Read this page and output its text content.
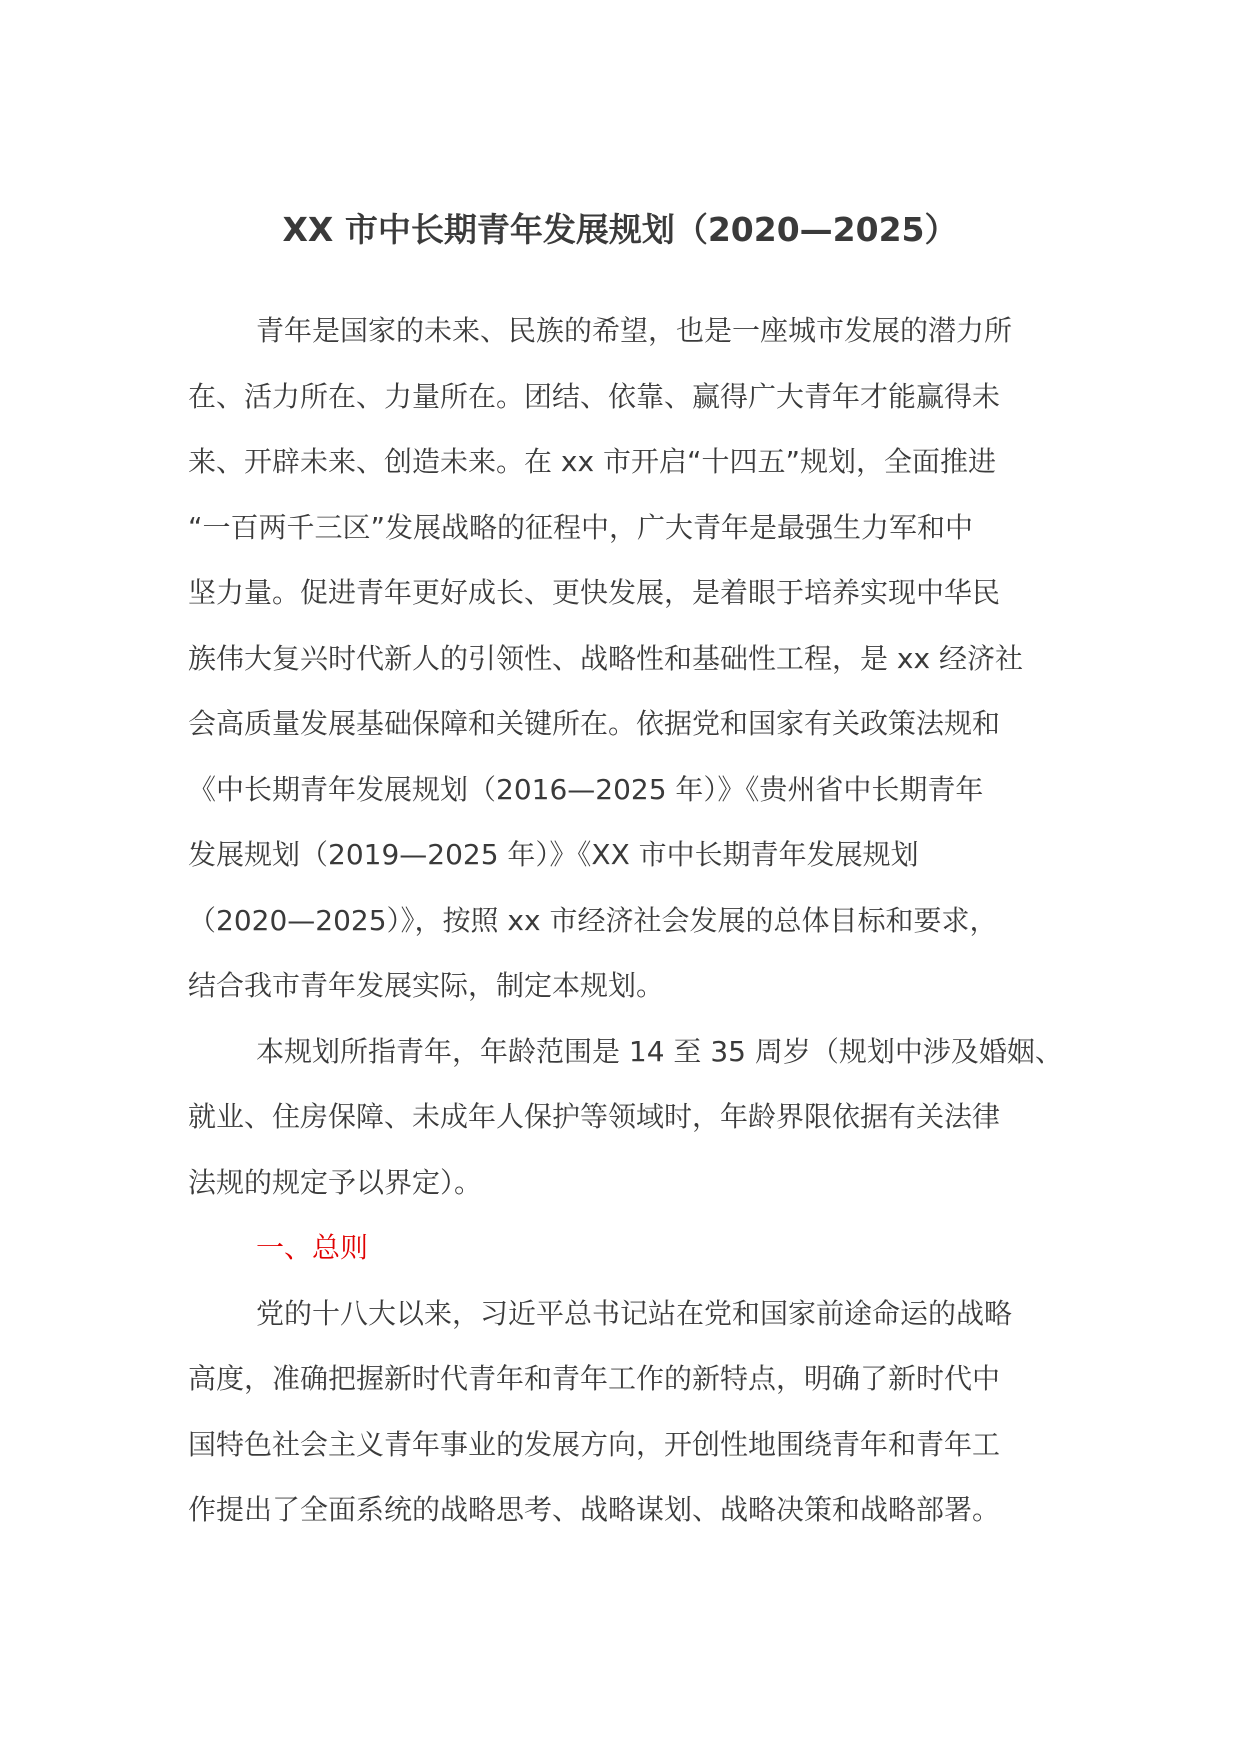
XX 市中长期青年发展规划（2020—2025）

青年是国家的未来、民族的希望，也是一座城市发展的潜力所
在、活力所在、力量所在。团结、依靠、赢得广大青年才能赢得未
来、开辟未来、创造未来。在 xx 市开启“十四五”规划，全面推进
“一百两千三区”发展战略的征程中，广大青年是最强生力军和中
坚力量。促进青年更好成长、更快发展，是着眼于培养实现中华民
族伟大复兴时代新人的引领性、战略性和基础性工程，是 xx 经济社
会高质量发展基础保障和关键所在。依据党和国家有关政策法规和
《中长期青年发展规划（2016—2025 年）》《贵州省中长期青年
发展规划（2019—2025 年）》《XX 市中长期青年发展规划
（2020—2025）》，按照 xx 市经济社会发展的总体目标和要求，
结合我市青年发展实际，制定本规划。

本规划所指青年，年龄范围是 14 至 35 周岁（规划中涉及婚姻、
就业、住房保障、未成年人保护等领域时，年龄界限依据有关法律
法规的规定予以界定）。

一、总则

党的十八大以来，习近平总书记站在党和国家前途命运的战略
高度，准确把握新时代青年和青年工作的新特点，明确了新时代中
国特色社会主义青年事业的发展方向，开创性地围绕青年和青年工
作提出了全面系统的战略思考、战略谋划、战略决策和战略部署。
